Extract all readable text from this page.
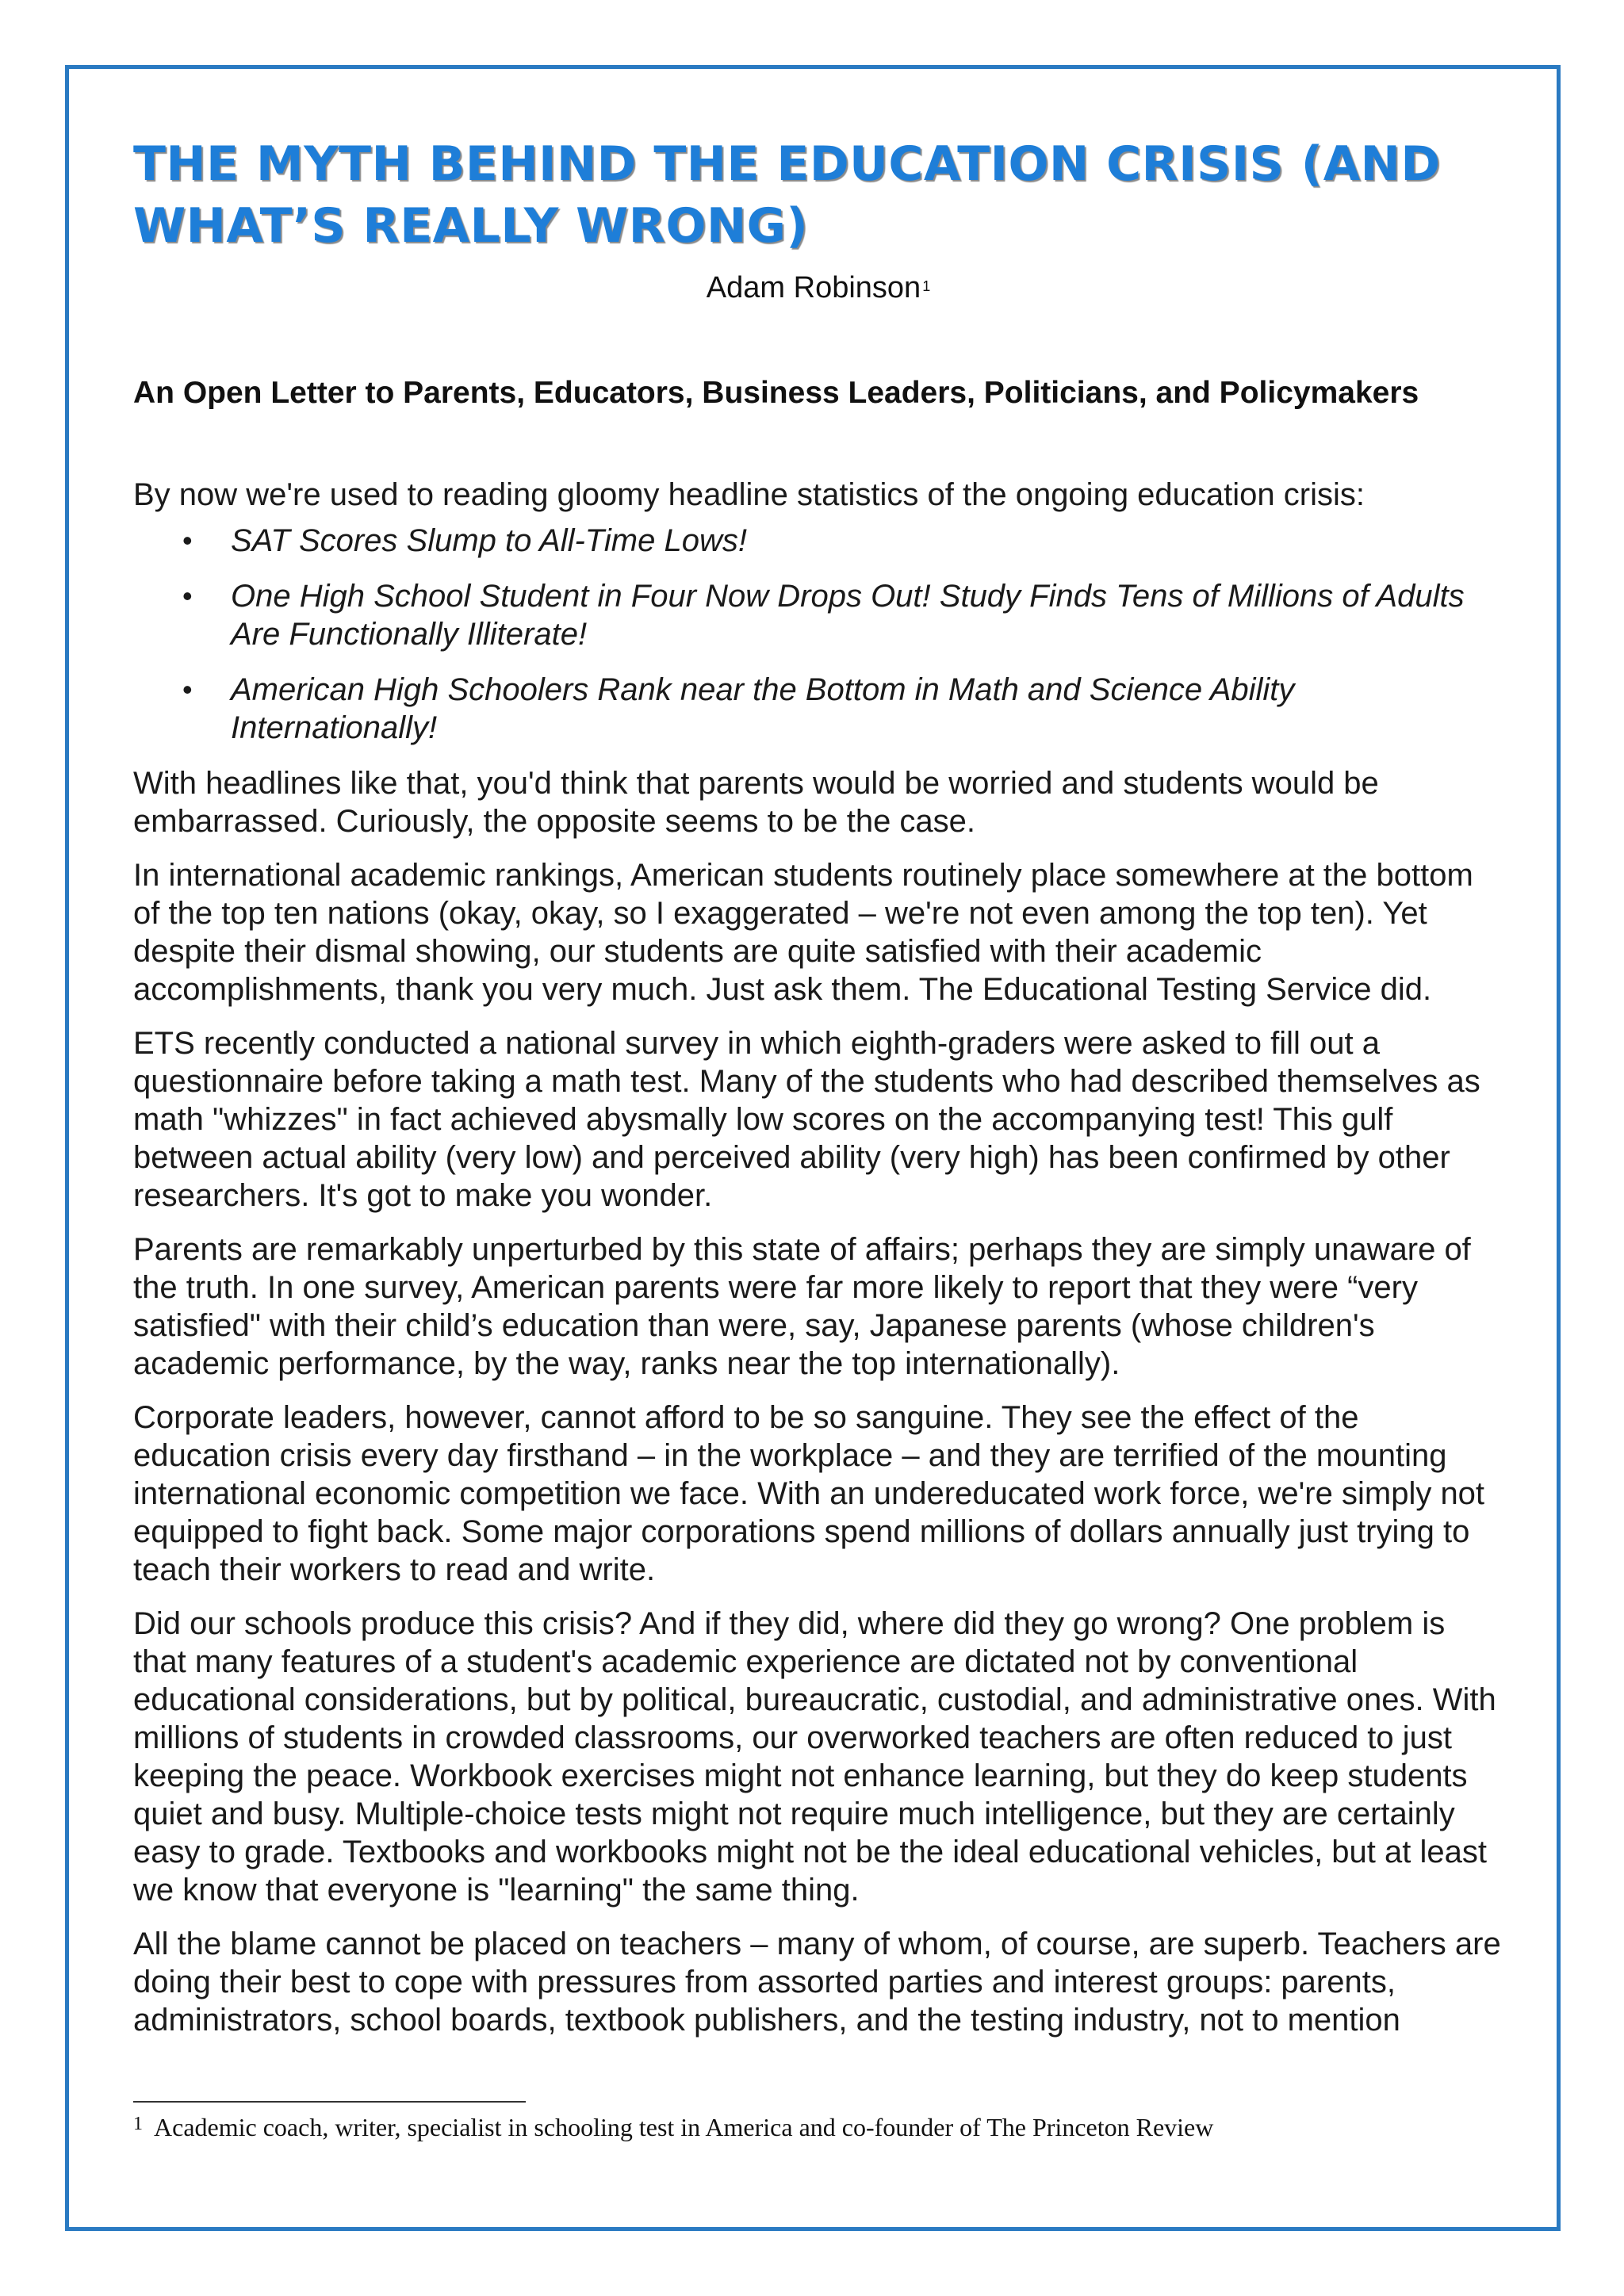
THE MYTH BEHIND THE EDUCATION CRISIS (AND WHAT’S REALLY WRONG)
Adam Robinson $^1$
An Open Letter to Parents, Educators, Business Leaders, Politicians, and Policymakers
By now we're used to reading gloomy headline statistics of the ongoing education crisis:
• SAT Scores Slump to All-Time Lows!
• One High School Student in Four Now Drops Out! Study Finds Tens of Millions of Adults Are Functionally Illiterate!
• American High Schoolers Rank near the Bottom in Math and Science Ability Internationally!

With headlines like that, you'd think that parents would be worried and students would be embarrassed. Curiously, the opposite seems to be the case.

In international academic rankings, American students routinely place somewhere at the bottom of the top ten nations (okay, okay, so I exaggerated – we're not even among the top ten). Yet despite their dismal showing, our students are quite satisfied with their academic accomplishments, thank you very much. Just ask them. The Educational Testing Service did.

ETS recently conducted a national survey in which eighth-graders were asked to fill out a questionnaire before taking a math test. Many of the students who had described themselves as math "whizzes" in fact achieved abysmally low scores on the accompanying test! This gulf between actual ability (very low) and perceived ability (very high) has been confirmed by other researchers. It's got to make you wonder.

Parents are remarkably unperturbed by this state of affairs; perhaps they are simply unaware of the truth. In one survey, American parents were far more likely to report that they were “very satisfied" with their child’s education than were, say, Japanese parents (whose children's academic performance, by the way, ranks near the top internationally).

Corporate leaders, however, cannot afford to be so sanguine. They see the effect of the education crisis every day firsthand – in the workplace – and they are terrified of the mounting international economic competition we face. With an undereducated work force, we're simply not equipped to fight back. Some major corporations spend millions of dollars annually just trying to teach their workers to read and write.

Did our schools produce this crisis? And if they did, where did they go wrong? One problem is that many features of a student's academic experience are dictated not by conventional educational considerations, but by political, bureaucratic, custodial, and administrative ones. With millions of students in crowded classrooms, our overworked teachers are often reduced to just keeping the peace. Workbook exercises might not enhance learning, but they do keep students quiet and busy. Multiple-choice tests might not require much intelligence, but they are certainly easy to grade. Textbooks and workbooks might not be the ideal educational vehicles, but at least we know that everyone is "learning" the same thing.

All the blame cannot be placed on teachers – many of whom, of course, are superb. Teachers are doing their best to cope with pressures from assorted parties and interest groups: parents, administrators, school boards, textbook publishers, and the testing industry, not to mention

$^1$ Academic coach, writer, specialist in schooling test in America and co-founder of The Princeton Review
